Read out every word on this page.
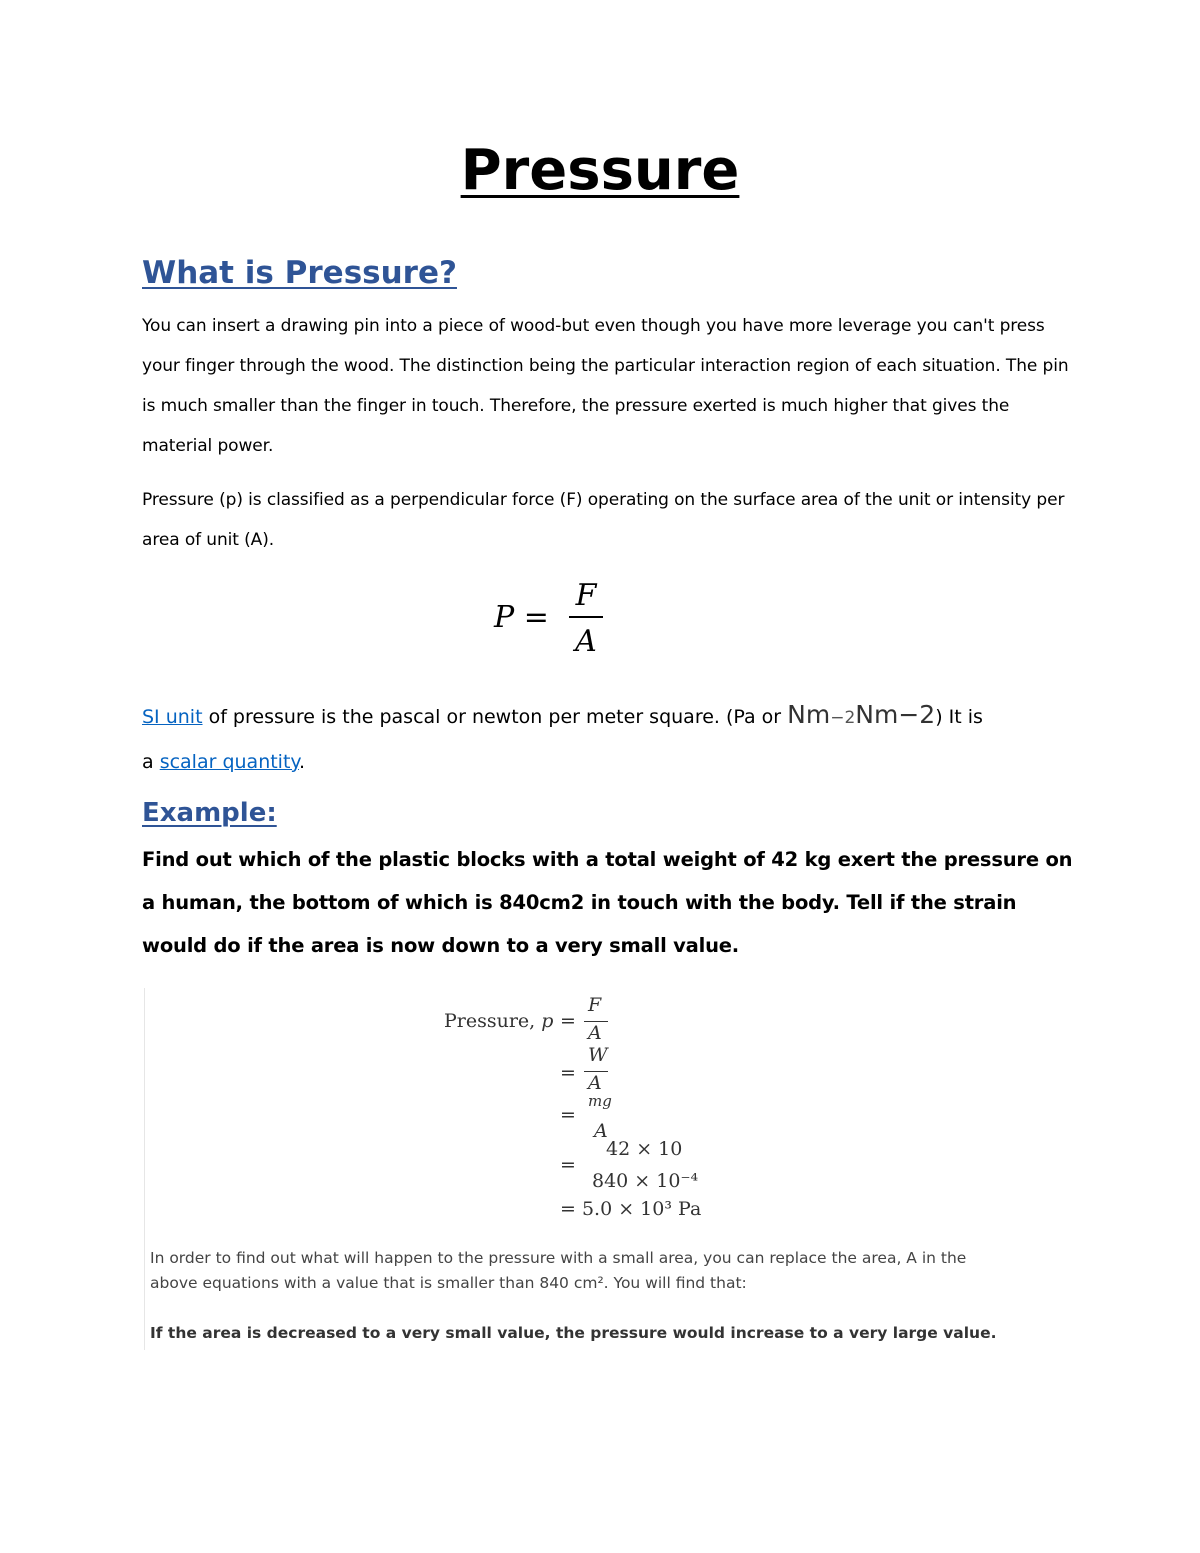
Pressure
What is Pressure?

You can insert a drawing pin into a piece of wood-but even though you have more leverage you can't press your finger through the wood. The distinction being the particular interaction region of each situation. The pin is much smaller than the finger in touch. Therefore, the pressure exerted is much higher that gives the material power.

Pressure (p) is classified as a perpendicular force (F) operating on the surface area of the unit or intensity per area of unit (A).

P =
F
A

SI unit of pressure is the pascal or newton per meter square. (Pa or Nm−2Nm−2) It is
a scalar quantity.

Example:

Find out which of the plastic blocks with a total weight of 42 kg exert the pressure on a human, the bottom of which is 840cm2 in touch with the body. Tell if the strain would do if the area is now down to a very small value.

Pressure, p =
F
A
=
W
A
=
mg
A
=
42 × 10
840 × 10⁻⁴
= 5.0 × 10³ Pa

In order to find out what will happen to the pressure with a small area, you can replace the area, A in the above equations with a value that is smaller than 840 cm². You will find that:

If the area is decreased to a very small value, the pressure would increase to a very large value.
